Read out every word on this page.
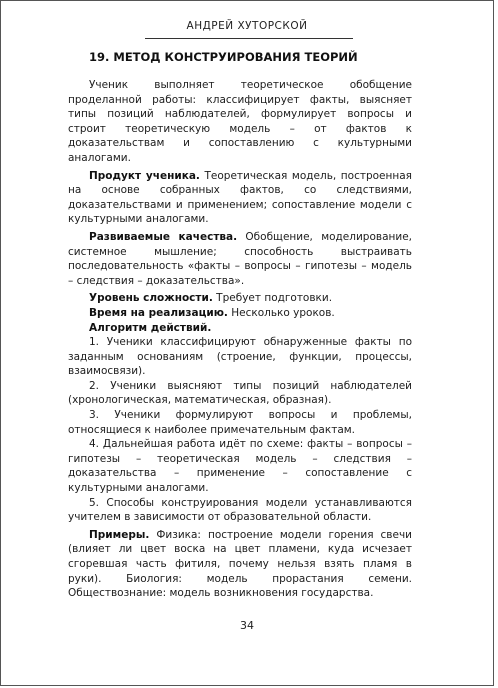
АНДРЕЙ ХУТОРСКОЙ
19. МЕТОД КОНСТРУИРОВАНИЯ ТЕОРИЙ

Ученик выполняет теоретическое обобщение проделанной работы: классифицирует факты, выясняет типы позиций наблюдателей, формулирует вопросы и строит теоретическую модель – от фактов к доказательствам и сопоставлению с культурными аналогами.

Продукт ученика. Теоретическая модель, построенная на основе собранных фактов, со следствиями, доказательствами и применением; сопоставление модели с культурными аналогами.

Развиваемые качества. Обобщение, моделирование, системное мышление; способность выстраивать последовательность «факты – вопросы – гипотезы – модель – следствия – доказательства».

Уровень сложности. Требует подготовки.

Время на реализацию. Несколько уроков.

Алгоритм действий.

1. Ученики классифицируют обнаруженные факты по заданным основаниям (строение, функции, процессы, взаимосвязи).

2. Ученики выясняют типы позиций наблюдателей (хронологическая, математическая, образная).

3. Ученики формулируют вопросы и проблемы, относящиеся к наиболее примечательным фактам.

4. Дальнейшая работа идёт по схеме: факты – вопросы – гипотезы – теоретическая модель – следствия – доказательства – применение – сопоставление с культурными аналогами.

5. Способы конструирования модели устанавливаются учителем в зависимости от образовательной области.

Примеры. Физика: построение модели горения свечи (влияет ли цвет воска на цвет пламени, куда исчезает сгоревшая часть фитиля, почему нельзя взять пламя в руки). Биология: модель прорастания семени. Обществознание: модель возникновения государства.

34
